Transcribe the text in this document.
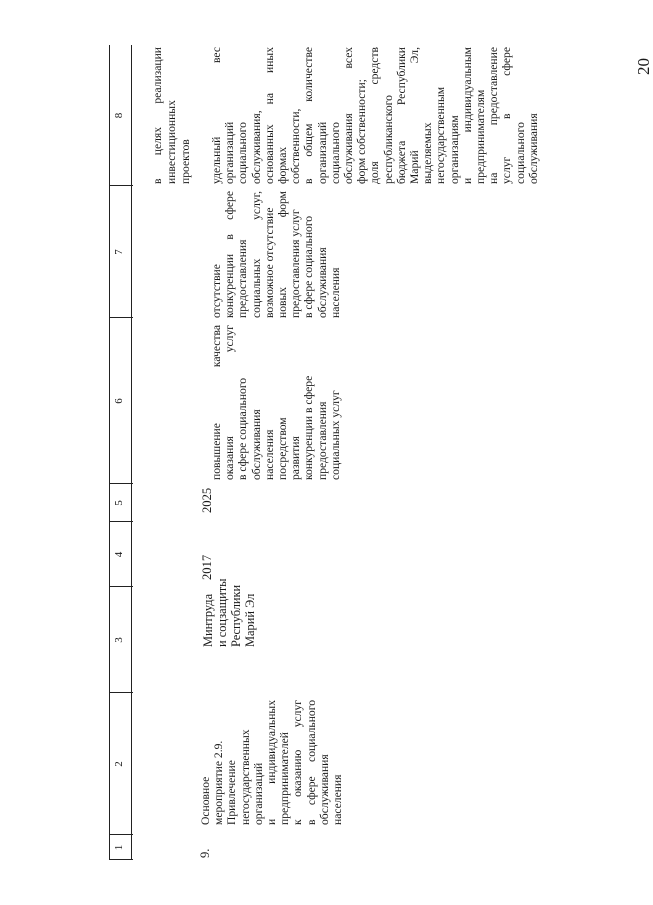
20
1
2
3
4
5
6
7
8
9.
Основное мероприятие 2.9. Привлечение негосударственных организаций и индивидуальных предпринимателей к оказанию услуг в сфере социального обслуживания населения
Минтруда и соцзащиты Республики Марий Эл
2017
2025
повышение качества оказания услуг в сфере социального обслуживания населения посредством развития конкуренции в сфере предоставления социальных услуг
отсутствие конкуренции в сфере предоставления социальных услуг, возможное отсутствие новых форм предоставления услуг в сфере социального обслуживания населения
в целях реализации инвестиционных проектов удельный вес организаций социального обслуживания, основанных на иных формах собственности, в общем количестве организаций социального обслуживания всех форм собственности; доля средств республиканского бюджета Республики Марий Эл, выделяемых негосударственным организациям и индивидуальным предпринимателям на предоставление услуг в сфере социального обслуживания
